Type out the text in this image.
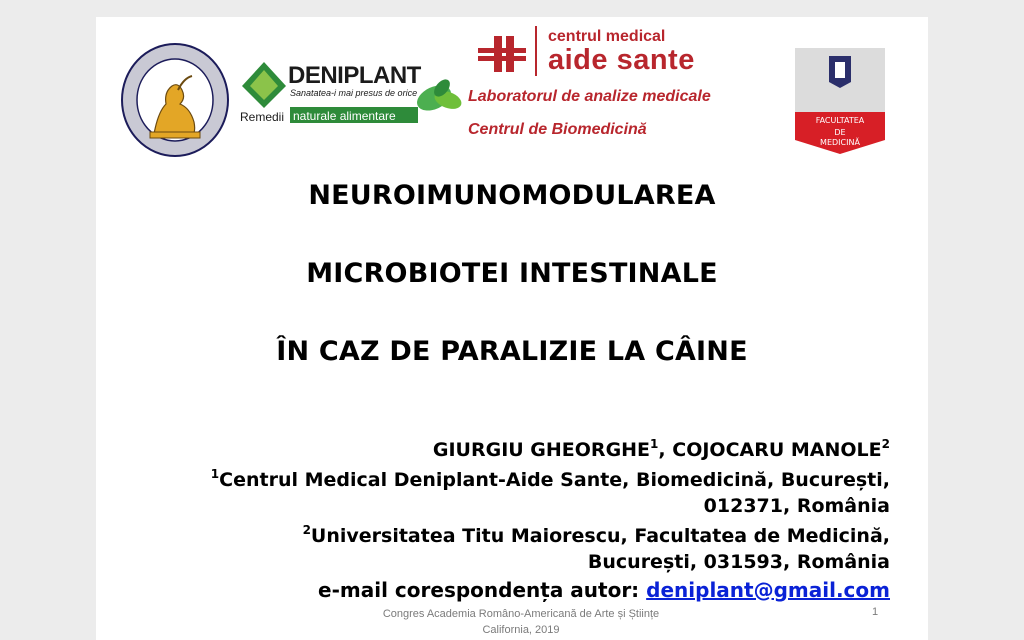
DENIPLANT
Sanatatea-i mai presus de orice
naturale alimentare
Remedii
centrul medical
aide sante
Laboratorul de analize medicale
Centrul de Biomedicină
FACULTATEA
DE
MEDICINĂ
NEUROIMUNOMODULAREA
MICROBIOTEI INTESTINALE
ÎN CAZ DE PARALIZIE LA CÂINE
GIURGIU GHEORGHE$^1$, COJOCARU MANOLE$^2$
$^1$Centrul Medical Deniplant-Aide Sante, Biomedicină, București,
012371, România
$^2$Universitatea Titu Maiorescu, Facultatea de Medicină,
București, 031593, România
e-mail corespondența autor: deniplant@gmail.com
Congres Academia Româno-Americană de Arte și Științe
California, 2019
1
